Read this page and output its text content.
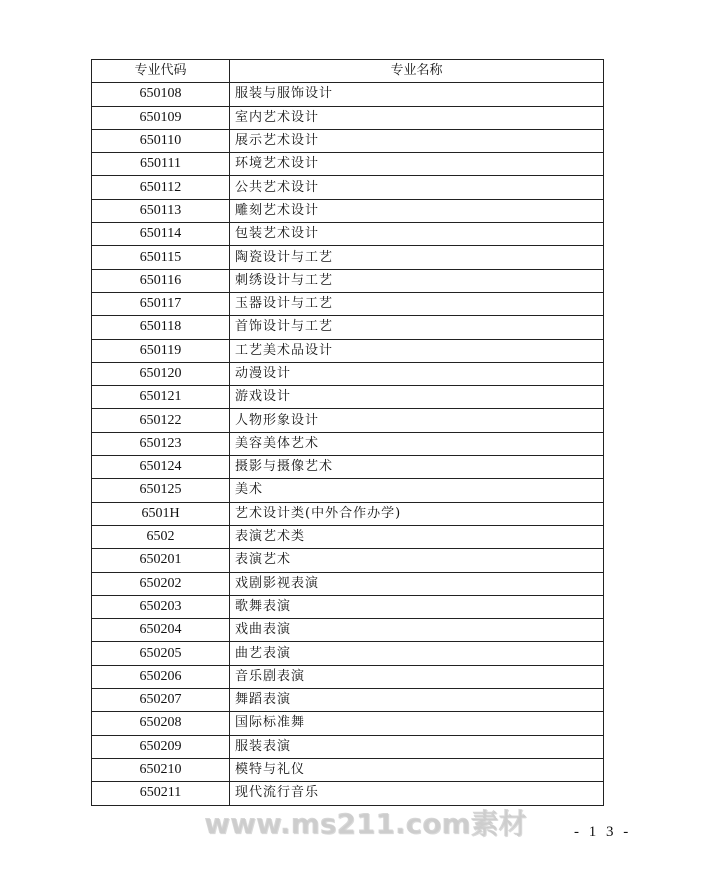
专业代码	专业名称
650108	服装与服饰设计
650109	室内艺术设计
650110	展示艺术设计
650111	环境艺术设计
650112	公共艺术设计
650113	雕刻艺术设计
650114	包装艺术设计
650115	陶瓷设计与工艺
650116	刺绣设计与工艺
650117	玉器设计与工艺
650118	首饰设计与工艺
650119	工艺美术品设计
650120	动漫设计
650121	游戏设计
650122	人物形象设计
650123	美容美体艺术
650124	摄影与摄像艺术
650125	美术
6501H	艺术设计类(中外合作办学)
6502	表演艺术类
650201	表演艺术
650202	戏剧影视表演
650203	歌舞表演
650204	戏曲表演
650205	曲艺表演
650206	音乐剧表演
650207	舞蹈表演
650208	国际标准舞
650209	服装表演
650210	模特与礼仪
650211	现代流行音乐
www.ms211.com素材	- 1 3 -
